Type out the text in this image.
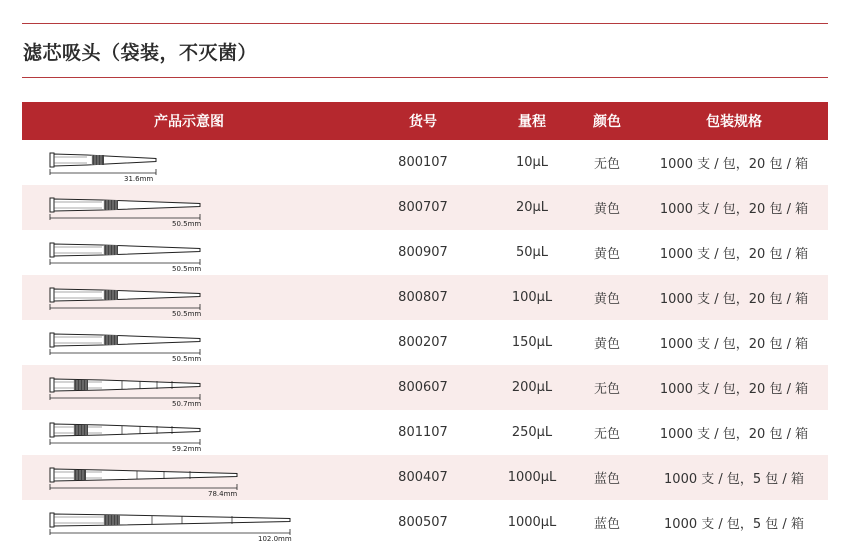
滤芯吸头（袋装，不灭菌）
产品示意图	货号	量程	颜色	包装规格
31.6mm
800107	10µL	无色	1000 支 / 包，20 包 / 箱
50.5mm
800707	20µL	黄色	1000 支 / 包，20 包 / 箱
50.5mm
800907	50µL	黄色	1000 支 / 包，20 包 / 箱
50.5mm
800807	100µL	黄色	1000 支 / 包，20 包 / 箱
50.5mm
800207	150µL	黄色	1000 支 / 包，20 包 / 箱
50.7mm
800607	200µL	无色	1000 支 / 包，20 包 / 箱
59.2mm
801107	250µL	无色	1000 支 / 包，20 包 / 箱
78.4mm
800407	1000µL	蓝色	1000 支 / 包，5 包 / 箱
102.0mm
800507	1000µL	蓝色	1000 支 / 包，5 包 / 箱
